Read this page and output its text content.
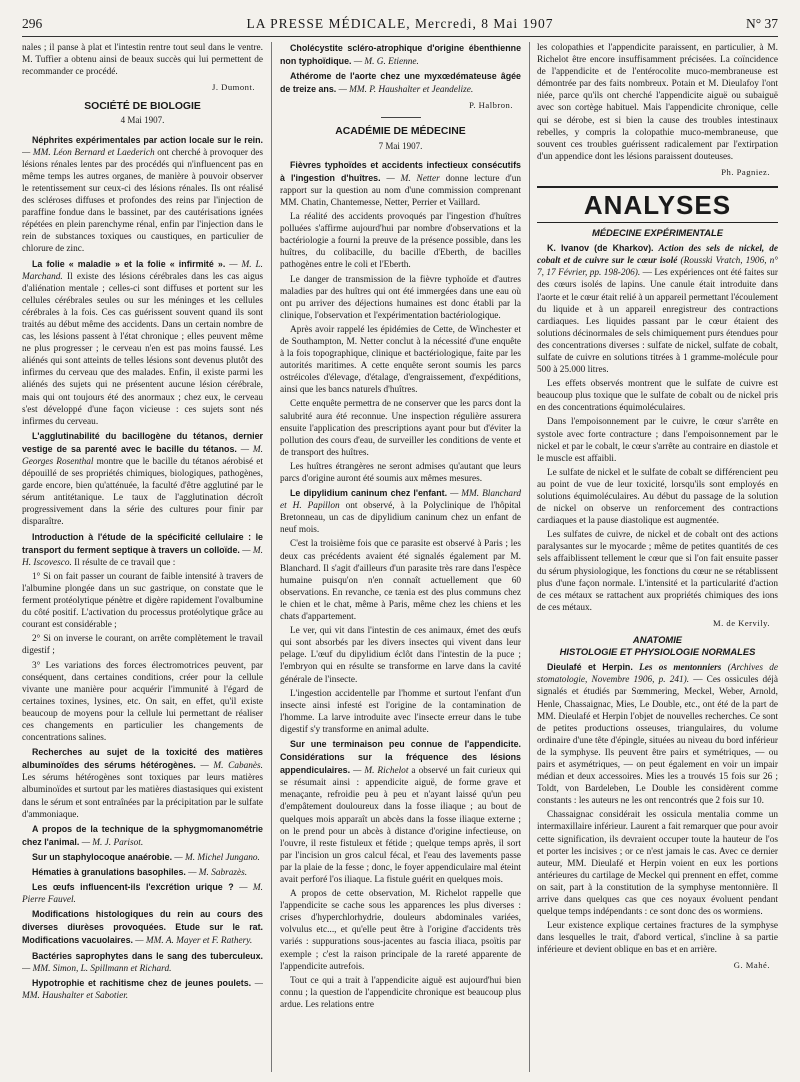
296	LA PRESSE MÉDICALE, Mercredi, 8 Mai 1907	N° 37

nales ; il panse à plat et l'intestin rentre tout seul dans le ventre. M. Tuffier a obtenu ainsi de beaux succès qui lui permettent de recommander ce procédé.

J. Dumont.
SOCIÉTÉ DE BIOLOGIE
4 Mai 1907.

Néphrites expérimentales par action locale sur le rein. — MM. Léon Bernard et Laederich ont cherché à provoquer des lésions rénales lentes par des procédés qui n'influencent pas en même temps les autres organes, de manière à pouvoir observer le retentissement sur ceux-ci des lésions rénales. Ils ont réalisé des scléroses diffuses et profondes des reins par l'injection de paraffine fondue dans le bassinet, par des cautérisations ignées répétées en plein parenchyme rénal, enfin par l'injection dans le rein de substances toxiques ou caustiques, en particulier de chlorure de zinc.

La folie « maladie » et la folie « infirmité ». — M. L. Marchand. Il existe des lésions cérébrales dans les cas aigus d'aliénation mentale ; celles-ci sont diffuses et portent sur les cellules cérébrales seules ou sur les méninges et les cellules cérébrales à la fois. Ces cas guérissent souvent quand ils sont traités au début même des accidents. Dans un certain nombre de cas, les lésions passent à l'état chronique ; elles peuvent même ne plus progresser ; le cerveau n'en est pas moins faussé. Les aliénés qui sont atteints de telles lésions sont devenus plutôt des infirmes du cerveau que des malades. Enfin, il existe parmi les aliénés des sujets qui ne présentent aucune lésion cérébrale, mais qui ont toujours été des anormaux ; chez eux, le cerveau s'est développé d'une façon vicieuse : ces sujets sont nés infirmes du cerveau.

L'agglutinabilité du bacillogène du tétanos, dernier vestige de sa parenté avec le bacille du tétanos. — M. Georges Rosenthal montre que le bacille du tétanos aérobisé et dépouillé de ses propriétés chimiques, biologiques, pathogènes, garde encore, bien qu'atténuée, la faculté d'être agglutiné par le sérum antitétanique. Le taux de l'agglutination décroît progressivement dans la série des cultures pour finir par disparaître.

Introduction à l'étude de la spécificité cellulaire : le transport du ferment septique à travers un colloïde. — M. H. Iscovesco. Il résulte de ce travail que :

1° Si on fait passer un courant de faible intensité à travers de l'albumine plongée dans un suc gastrique, on constate que le ferment protéolytique pénètre et digère rapidement l'ovalbumine du côté positif. L'activation du processus protéolytique grâce au courant est considérable ;

2° Si on inverse le courant, on arrête complètement le travail digestif ;

3° Les variations des forces électromotrices peuvent, par conséquent, dans certaines conditions, créer pour la cellule vivante une manière pour acquérir l'immunité à l'égard de certaines toxines, lysines, etc. On sait, en effet, qu'il existe beaucoup de moyens pour la cellule lui permettant de réaliser ces changements en particulier les changements de concentrations salines.

Recherches au sujet de la toxicité des matières albuminoïdes des sérums hétérogènes. — M. Cabanès. Les sérums hétérogènes sont toxiques par leurs matières albuminoïdes et surtout par les matières diastasiques qui existent dans le sérum et sont entraînées par la précipitation par le sulfate d'ammoniaque.

A propos de la technique de la sphygmomanométrie chez l'animal. — M. J. Parisot.

Sur un staphylocoque anaérobie. — M. Michel Jungano.

Hématies à granulations basophiles. — M. Sabrazès.

Les œufs influencent-ils l'excrétion urique ? — M. Pierre Fauvel.

Modifications histologiques du rein au cours des diverses diurèses provoquées. Etude sur le rat. Modifications vacuolaires. — MM. A. Mayer et F. Rathery.

Bactéries saprophytes dans le sang des tuberculeux. — MM. Simon, L. Spillmann et Richard.

Hypotrophie et rachitisme chez de jeunes poulets. — MM. Haushalter et Sabotier.

Cholécystite scléro-atrophique d'origine ébenthienne non typhoïdique. — M. G. Etienne.

Athérome de l'aorte chez une myxœdémateuse âgée de treize ans. — MM. P. Haushalter et Jeandelize.

P. Halbron.
ACADÉMIE DE MÉDECINE
7 Mai 1907.

Fièvres typhoïdes et accidents infectieux consécutifs à l'ingestion d'huîtres. — M. Netter donne lecture d'un rapport sur la question au nom d'une commission comprenant MM. Chatin, Chantemesse, Netter, Perrier et Vaillard.

La réalité des accidents provoqués par l'ingestion d'huîtres polluées s'affirme aujourd'hui par nombre d'observations et la bactériologie a fourni la preuve de la présence possible, dans les huîtres, du colibacille, du bacille d'Eberth, de bacilles pathogènes entre le coli et l'Eberth.

Le danger de transmission de la fièvre typhoïde et d'autres maladies par des huîtres qui ont été immergées dans une eau où ont pu arriver des déjections humaines est donc établi par la clinique, l'observation et l'expérimentation bactériologique.

Après avoir rappelé les épidémies de Cette, de Winchester et de Southampton, M. Netter conclut à la nécessité d'une enquête à la fois topographique, clinique et bactériologique, faite par les autorités maritimes. A cette enquête seront soumis les parcs ostréicoles d'élevage, d'étalage, d'engraissement, d'expéditions, ainsi que les bancs naturels d'huîtres.

Cette enquête permettra de ne conserver que les parcs dont la salubrité aura été reconnue. Une inspection régulière assurera ensuite l'application des prescriptions ayant pour but d'éviter la pollution des cours d'eau, de surveiller les conditions de vente et de transport des huîtres.

Les huîtres étrangères ne seront admises qu'autant que leurs parcs d'origine auront été soumis aux mêmes mesures.

Le dipylidium caninum chez l'enfant. — MM. Blanchard et H. Papillon ont observé, à la Polyclinique de l'hôpital Bretonneau, un cas de dipylidium caninum chez un enfant de neuf mois.

C'est la troisième fois que ce parasite est observé à Paris ; les deux cas précédents avaient été signalés également par M. Blanchard. Il s'agit d'ailleurs d'un parasite très rare dans l'espèce humaine puisqu'on n'en connaît actuellement que 60 observations. En revanche, ce tænia est des plus communs chez le chien et le chat, même à Paris, même chez les chiens et les chats d'appartement.

Le ver, qui vit dans l'intestin de ces animaux, émet des œufs qui sont absorbés par les divers insectes qui vivent dans leur pelage. L'œuf du dipylidium éclôt dans l'intestin de la puce ; l'embryon qui en résulte se transforme en larve dans la cavité générale de l'insecte.

L'ingestion accidentelle par l'homme et surtout l'enfant d'un insecte ainsi infesté est l'origine de la contamination de l'homme. La larve introduite avec l'insecte erreur dans le tube digestif s'y transforme en animal adulte.

Sur une terminaison peu connue de l'appendicite. Considérations sur la fréquence des lésions appendiculaires. — M. Richelot a observé un fait curieux qui se résumait ainsi : appendicite aiguë, de forme grave et menaçante, refroidie peu à peu et n'ayant laissé qu'un peu d'empâtement douloureux dans la fosse iliaque ; au bout de quelques mois apparaît un abcès dans la fosse iliaque externe ; on le prend pour un abcès à distance d'origine infectieuse, on l'ouvre, il reste fistuleux et fétide ; quelque temps après, il sort par l'incision un gros calcul fécal, et l'eau des lavements passe par la plaie de la fesse ; donc, le foyer appendiculaire mal éteint avait perforé l'os iliaque. La fistule guérit en quelques mois.

A propos de cette observation, M. Richelot rappelle que l'appendicite se cache sous les apparences les plus diverses : crises d'hyperchlorhydrie, douleurs abdominales variées, volvulus etc..., et qu'elle peut être à l'origine d'accidents très variés : suppurations sous-jacentes au fascia iliaca, psoïtis par exemple ; c'est la raison principale de la rareté apparente de l'appendicite autrefois.

Tout ce qui a trait à l'appendicite aiguë est aujourd'hui bien connu ; la question de l'appendicite chronique est beaucoup plus ardue. Les relations entre

les colopathies et l'appendicite paraissent, en particulier, à M. Richelot être encore insuffisamment précisées. La coïncidence de l'appendicite et de l'entérocolite muco-membraneuse est démontrée par des faits nombreux. Potain et M. Dieulafoy l'ont niée, parce qu'ils ont cherché l'appendicite aiguë ou subaiguë avec son cortège habituel. Mais l'appendicite chronique, celle qui se dérobe, est si bien la cause des troubles intestinaux rebelles, y compris la colopathie muco-membraneuse, que souvent ces troubles guérissent radicalement par l'extirpation d'un appendice dont les lésions paraissent douteuses.

Ph. Pagniez.
ANALYSES
MÉDECINE EXPÉRIMENTALE

K. Ivanov (de Kharkov). Action des sels de nickel, de cobalt et de cuivre sur le cœur isolé (Rousski Vratch, 1906, n° 7, 17 Février, pp. 198-206). — Les expériences ont été faites sur des cœurs isolés de lapins. Une canule était introduite dans l'aorte et le cœur était relié à un appareil permettant l'écoulement du liquide et à un appareil enregistreur des contractions cardiaques. Les liquides passant par le cœur étaient des solutions décinormales de sels chimiquement purs étendues pour des concentrations diverses : sulfate de nickel, sulfate de cobalt, sulfate de cuivre en solutions titrées à 1 gramme-molécule pour 500 à 25.000 litres.

Les effets observés montrent que le sulfate de cuivre est beaucoup plus toxique que le sulfate de cobalt ou de nickel pris en des concentrations équimoléculaires.

Dans l'empoisonnement par le cuivre, le cœur s'arrête en systole avec forte contracture ; dans l'empoisonnement par le nickel et par le cobalt, le cœur s'arrête au contraire en diastole et le muscle est affaibli.

Le sulfate de nickel et le sulfate de cobalt se différencient peu au point de vue de leur toxicité, lorsqu'ils sont employés en solutions équimoléculaires. Au début du passage de la solution de nickel on observe un renforcement des contractions cardiaques et la pause diastolique est augmentée.

Les sulfates de cuivre, de nickel et de cobalt ont des actions paralysantes sur le myocarde ; même de petites quantités de ces sels affaiblissent tellement le cœur que si l'on fait ensuite passer du sérum physiologique, les fonctions du cœur ne se rétablissent plus d'une façon normale. L'intensité et la particularité d'action de ces métaux se rattachent aux propriétés chimiques des ions de ces métaux.

M. de Kervily.
ANATOMIE
HISTOLOGIE ET PHYSIOLOGIE NORMALES

Dieulafé et Herpin. Les os mentonniers (Archives de stomatologie, Novembre 1906, p. 241). — Ces ossicules déjà signalés et étudiés par Sœmmering, Meckel, Weber, Arnold, Henle, Chassaignac, Mies, Le Double, etc., ont été de la part de MM. Dieulafé et Herpin l'objet de nouvelles recherches. Ce sont de petites productions osseuses, triangulaires, du volume ordinaire d'une tête d'épingle, situées au niveau du bord inférieur de la symphyse. Ils peuvent être pairs et symétriques, — ou pairs et asymétriques, — on peut également en voir un impair médian et deux accessoires. Mies les a trouvés 15 fois sur 26 ; Toldt, von Bardeleben, Le Double les considèrent comme constants : les auteurs ne les ont rencontrés que 2 fois sur 10.

Chassaignac considérait les ossicula mentalia comme un intermaxillaire inférieur. Laurent a fait remarquer que pour avoir cette signification, ils devraient occuper toute la hauteur de l'os et porter les incisives ; or ce n'est jamais le cas. Avec ce dernier auteur, MM. Dieulafé et Herpin voient en eux les portions antérieures du cartilage de Meckel qui prennent en effet, comme on sait, part à la constitution de la symphyse mentonnière. Il arrive dans quelques cas que ces noyaux évoluent pendant quelque temps indépendants : ce sont donc des os wormiens.

Leur existence explique certaines fractures de la symphyse dans lesquelles le trait, d'abord vertical, s'incline à sa partie inférieure et devient oblique en bas et en arrière.

G. Mahé.
